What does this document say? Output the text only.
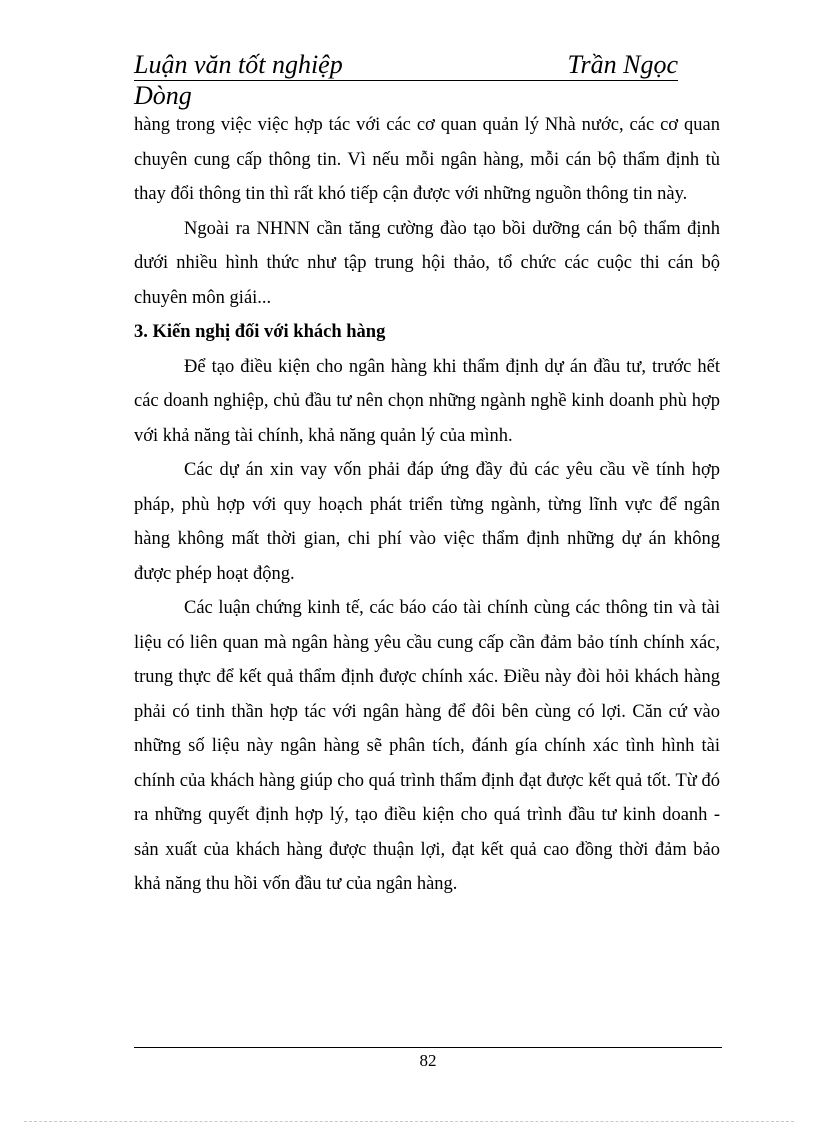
Luận văn tốt nghiệp	Trần Ngọc
Dòng

hàng trong việc việc hợp tác với các cơ quan quản lý Nhà nước, các cơ quan chuyên cung cấp thông tin. Vì nếu mỗi ngân hàng, mỗi cán bộ thẩm định tù thay đổi thông tin thì rất khó tiếp cận được với những nguồn thông tin này.

Ngoài ra NHNN cần tăng cường đào tạo bồi dưỡng cán bộ thẩm định dưới nhiều hình thức như tập trung hội thảo, tổ chức các cuộc thi cán bộ chuyên môn giái...

3. Kiến nghị đối với khách hàng

Để tạo điều kiện cho ngân hàng khi thẩm định dự án đầu tư, trước hết các doanh nghiệp, chủ đầu tư nên chọn những ngành nghề kinh doanh phù hợp với khả năng tài chính, khả năng quản lý của mình.

Các dự án xin vay vốn phải đáp ứng đầy đủ các yêu cầu về tính hợp pháp, phù hợp với quy hoạch phát triển từng ngành, từng lĩnh vực để ngân hàng không mất thời gian, chi phí vào việc thẩm định những dự án không được phép hoạt động.

Các luận chứng kinh tế, các báo cáo tài chính cùng các thông tin và tài liệu có liên quan mà ngân hàng yêu cầu cung cấp cần đảm bảo tính chính xác, trung thực để kết quả thẩm định được chính xác. Điều này đòi hỏi khách hàng phải có tinh thần hợp tác với ngân hàng để đôi bên cùng có lợi. Căn cứ vào những số liệu này ngân hàng sẽ phân tích, đánh gía chính xác tình hình tài chính của khách hàng giúp cho quá trình thẩm định đạt được kết quả tốt. Từ đó ra những quyết định hợp lý, tạo điều kiện cho quá trình đầu tư kinh doanh - sản xuất của khách hàng được thuận lợi, đạt kết quả cao đồng thời đảm bảo khả năng thu hồi vốn đầu tư của ngân hàng.

82
